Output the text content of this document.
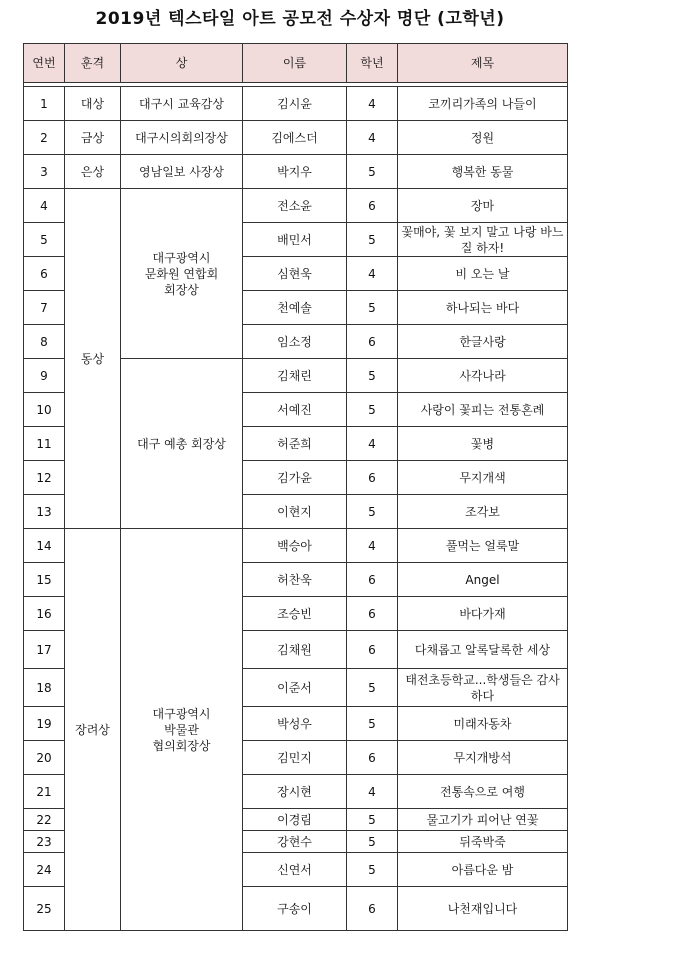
2019년 텍스타일 아트 공모전 수상자 명단 (고학년)
연번	훈격	상	이름	학년	제목

1	대상	대구시 교육감상	김시윤	4	코끼리가족의 나들이
2	금상	대구시의회의장상	김에스더	4	정원
3	은상	영남일보 사장상	박지우	5	행복한 동물
4	동상	대구광역시
문화원 연합회
회장상	전소윤	6	장마
5			배민서	5	꽃매야, 꽃 보지 말고 나랑 바느질 하자!
6			심현욱	4	비 오는 날
7			천예솔	5	하나되는 바다
8			임소정	6	한글사랑
9		대구 예총 회장상	김채린	5	사각나라
10			서예진	5	사랑이 꽃피는 전통혼례
11			허준희	4	꽃병
12			김가윤	6	무지개색
13			이현지	5	조각보
14	장려상	대구광역시
박물관
협의회장상	백승아	4	풀먹는 얼룩말
15			허찬욱	6	Angel
16			조승빈	6	바다가재
17			김채원	6	다채롭고 알록달록한 세상
18			이준서	5	태전초등학교...학생들은 감사하다
19			박성우	5	미래자동차
20			김민지	6	무지개방석
21			장시현	4	전통속으로 여행
22			이경림	5	물고기가 피어난 연꽃
23			강현수	5	뒤죽박죽
24			신연서	5	아름다운 밤
25			구송이	6	나천재입니다
